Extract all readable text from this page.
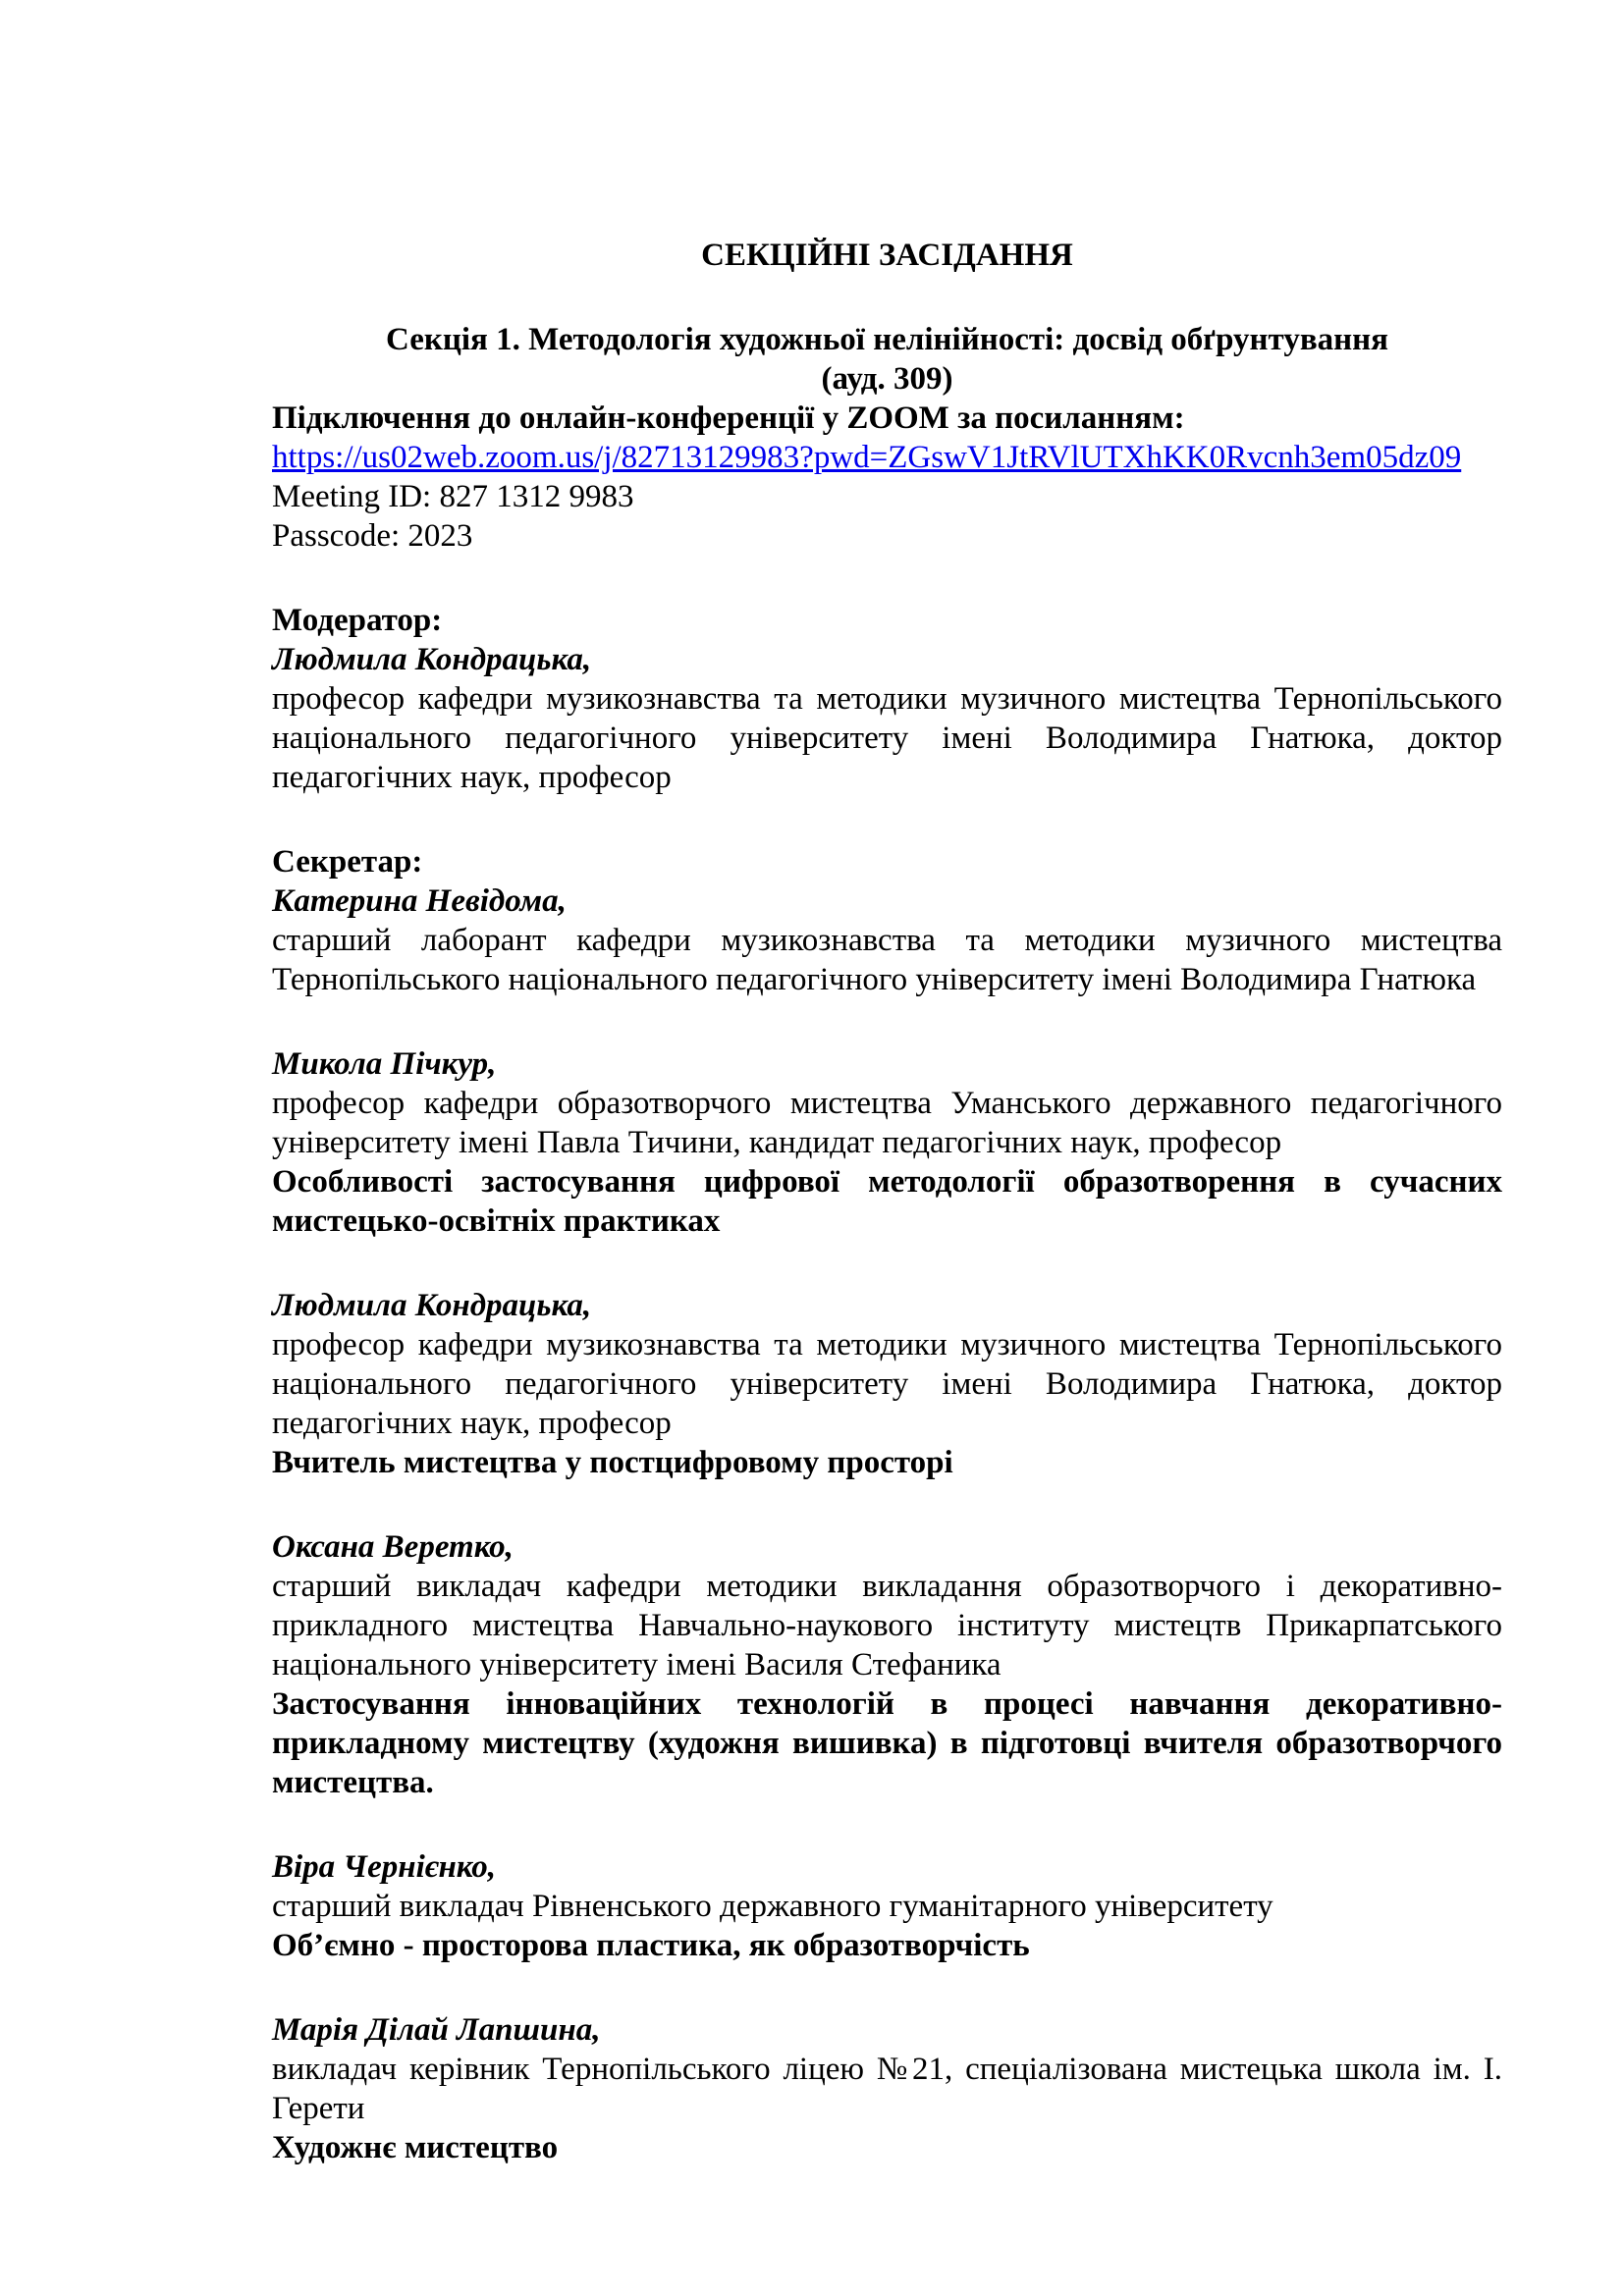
СЕКЦІЙНІ ЗАСІДАННЯ

Секція 1. Методологія художньої нелінійності: досвід обґрунтування

(ауд. 309)

Підключення до онлайн-конференції у ZOOM за посиланням:

https://us02web.zoom.us/j/82713129983?pwd=ZGswV1JtRVlUTXhKK0Rvcnh3em05dz09

Meeting ID: 827 1312 9983

Passcode: 2023

Модератор:

Людмила Кондрацька,

професор кафедри музикознавства та методики музичного мистецтва Тернопільського національного педагогічного університету імені Володимира Гнатюка, доктор педагогічних наук, професор

Секретар:

Катерина Невідома,

старший лаборант кафедри музикознавства та методики музичного мистецтва Тернопільського національного педагогічного університету імені Володимира Гнатюка

Микола Пічкур,

професор кафедри образотворчого мистецтва Уманського державного педагогічного університету імені Павла Тичини, кандидат педагогічних наук, професор

Особливості застосування цифрової методології образотворення в сучасних мистецько-освітніх практиках

Людмила Кондрацька,

професор кафедри музикознавства та методики музичного мистецтва Тернопільського національного педагогічного університету імені Володимира Гнатюка, доктор педагогічних наук, професор

Вчитель мистецтва у постцифровому просторі

Оксана Веретко,

старший викладач кафедри методики викладання образотворчого і декоративно-прикладного мистецтва Навчально-наукового інституту мистецтв Прикарпатського національного університету імені Василя Стефаника

Застосування інноваційних технологій в процесі навчання декоративно-прикладному мистецтву (художня вишивка) в підготовці вчителя образотворчого мистецтва.

Віра Чернієнко,

старший викладач Рівненського державного гуманітарного університету

Об’ємно - просторова пластика, як образотворчість

Марія Ділай Лапшина,

викладач керівник Тернопільського ліцею №21, спеціалізована мистецька школа ім. І. Герети

Художнє мистецтво
